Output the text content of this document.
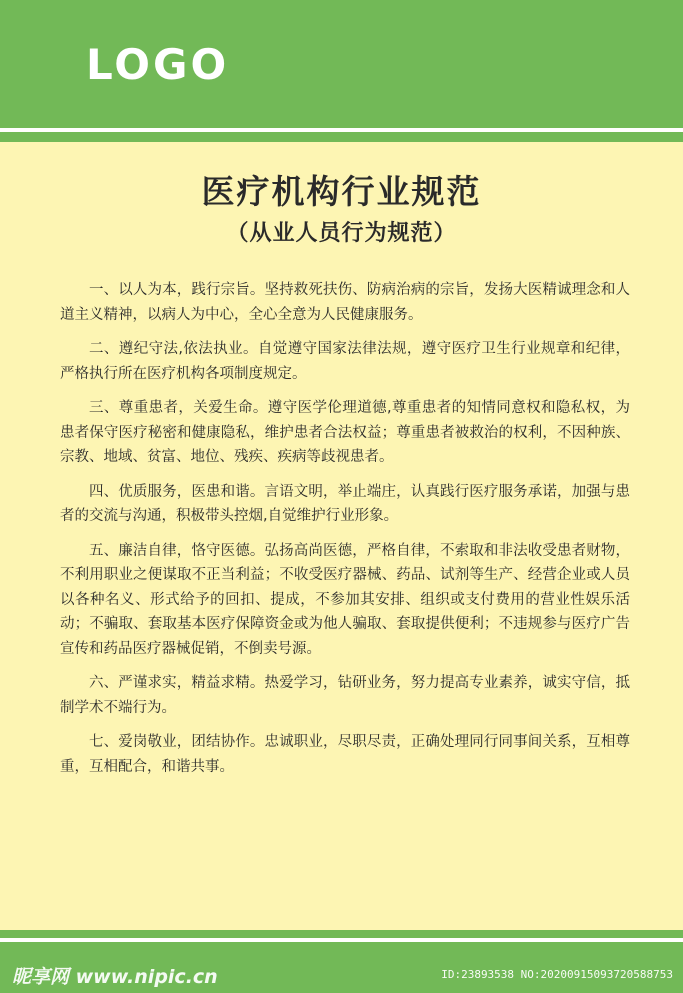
LOGO
医疗机构行业规范
（从业人员行为规范）

一、以人为本，践行宗旨。坚持救死扶伤、防病治病的宗旨，发扬大医精诚理念和人道主义精神，以病人为中心，全心全意为人民健康服务。

二、遵纪守法,依法执业。自觉遵守国家法律法规，遵守医疗卫生行业规章和纪律，严格执行所在医疗机构各项制度规定。

三、尊重患者，关爱生命。遵守医学伦理道德,尊重患者的知情同意权和隐私权，为患者保守医疗秘密和健康隐私，维护患者合法权益；尊重患者被救治的权利，不因种族、宗教、地域、贫富、地位、残疾、疾病等歧视患者。

四、优质服务，医患和谐。言语文明，举止端庄，认真践行医疗服务承诺，加强与患者的交流与沟通，积极带头控烟,自觉维护行业形象。

五、廉洁自律，恪守医德。弘扬高尚医德，严格自律，不索取和非法收受患者财物，不利用职业之便谋取不正当利益；不收受医疗器械、药品、试剂等生产、经营企业或人员以各种名义、形式给予的回扣、提成，不参加其安排、组织或支付费用的营业性娱乐活动；不骗取、套取基本医疗保障资金或为他人骗取、套取提供便利；不违规参与医疗广告宣传和药品医疗器械促销，不倒卖号源。

六、严谨求实，精益求精。热爱学习，钻研业务，努力提高专业素养，诚实守信，抵制学术不端行为。

七、爱岗敬业，团结协作。忠诚职业，尽职尽责，正确处理同行同事间关系，互相尊重，互相配合，和谐共事。

昵享网 www.nipic.cn	ID:23893538 NO:20200915093720588753
